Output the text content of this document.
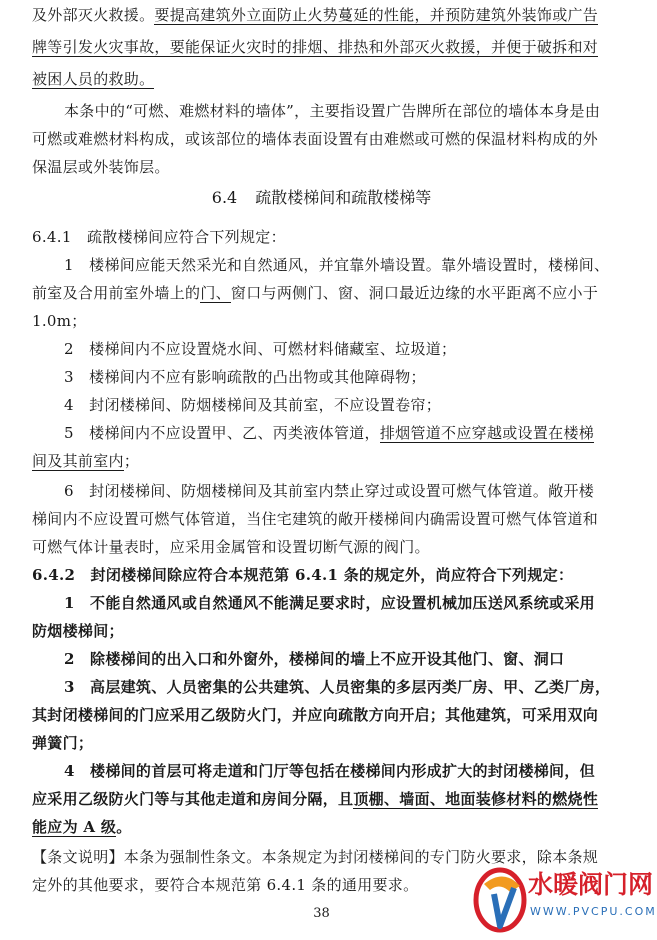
及外部灭火救援。要提高建筑外立面防止火势蔓延的性能，并预防建筑外装饰或广告
牌等引发火灾事故，要能保证火灾时的排烟、排热和外部灭火救援，并便于破拆和对
被困人员的救助。
本条中的“可燃、难燃材料的墙体”，主要指设置广告牌所在部位的墙体本身是由
可燃或难燃材料构成，或该部位的墙体表面设置有由难燃或可燃的保温材料构成的外
保温层或外装饰层。
6.4 疏散楼梯间和疏散楼梯等
6.4.1　疏散楼梯间应符合下列规定：
1　楼梯间应能天然采光和自然通风，并宜靠外墙设置。靠外墙设置时，楼梯间、
前室及合用前室外墙上的门、窗口与两侧门、窗、洞口最近边缘的水平距离不应小于
1.0m；
2　楼梯间内不应设置烧水间、可燃材料储藏室、垃圾道；
3　楼梯间内不应有影响疏散的凸出物或其他障碍物；
4　封闭楼梯间、防烟楼梯间及其前室，不应设置卷帘；
5　楼梯间内不应设置甲、乙、丙类液体管道，排烟管道不应穿越或设置在楼梯
间及其前室内；
6　封闭楼梯间、防烟楼梯间及其前室内禁止穿过或设置可燃气体管道。敞开楼
梯间内不应设置可燃气体管道，当住宅建筑的敞开楼梯间内确需设置可燃气体管道和
可燃气体计量表时，应采用金属管和设置切断气源的阀门。
6.4.2　封闭楼梯间除应符合本规范第 6.4.1 条的规定外，尚应符合下列规定：
1　不能自然通风或自然通风不能满足要求时，应设置机械加压送风系统或采用
防烟楼梯间；
2　除楼梯间的出入口和外窗外，楼梯间的墙上不应开设其他门、窗、洞口
3　高层建筑、人员密集的公共建筑、人员密集的多层丙类厂房、甲、乙类厂房，
其封闭楼梯间的门应采用乙级防火门，并应向疏散方向开启；其他建筑，可采用双向
弹簧门；
4　楼梯间的首层可将走道和门厅等包括在楼梯间内形成扩大的封闭楼梯间，但
应采用乙级防火门等与其他走道和房间分隔，且顶棚、墙面、地面装修材料的燃烧性
能应为 A 级。
【条文说明】本条为强制性条文。本条规定为封闭楼梯间的专门防火要求，除本条规
定外的其他要求，要符合本规范第 6.4.1 条的通用要求。
38
水暖阀门网
WWW.PVCPU.COM
